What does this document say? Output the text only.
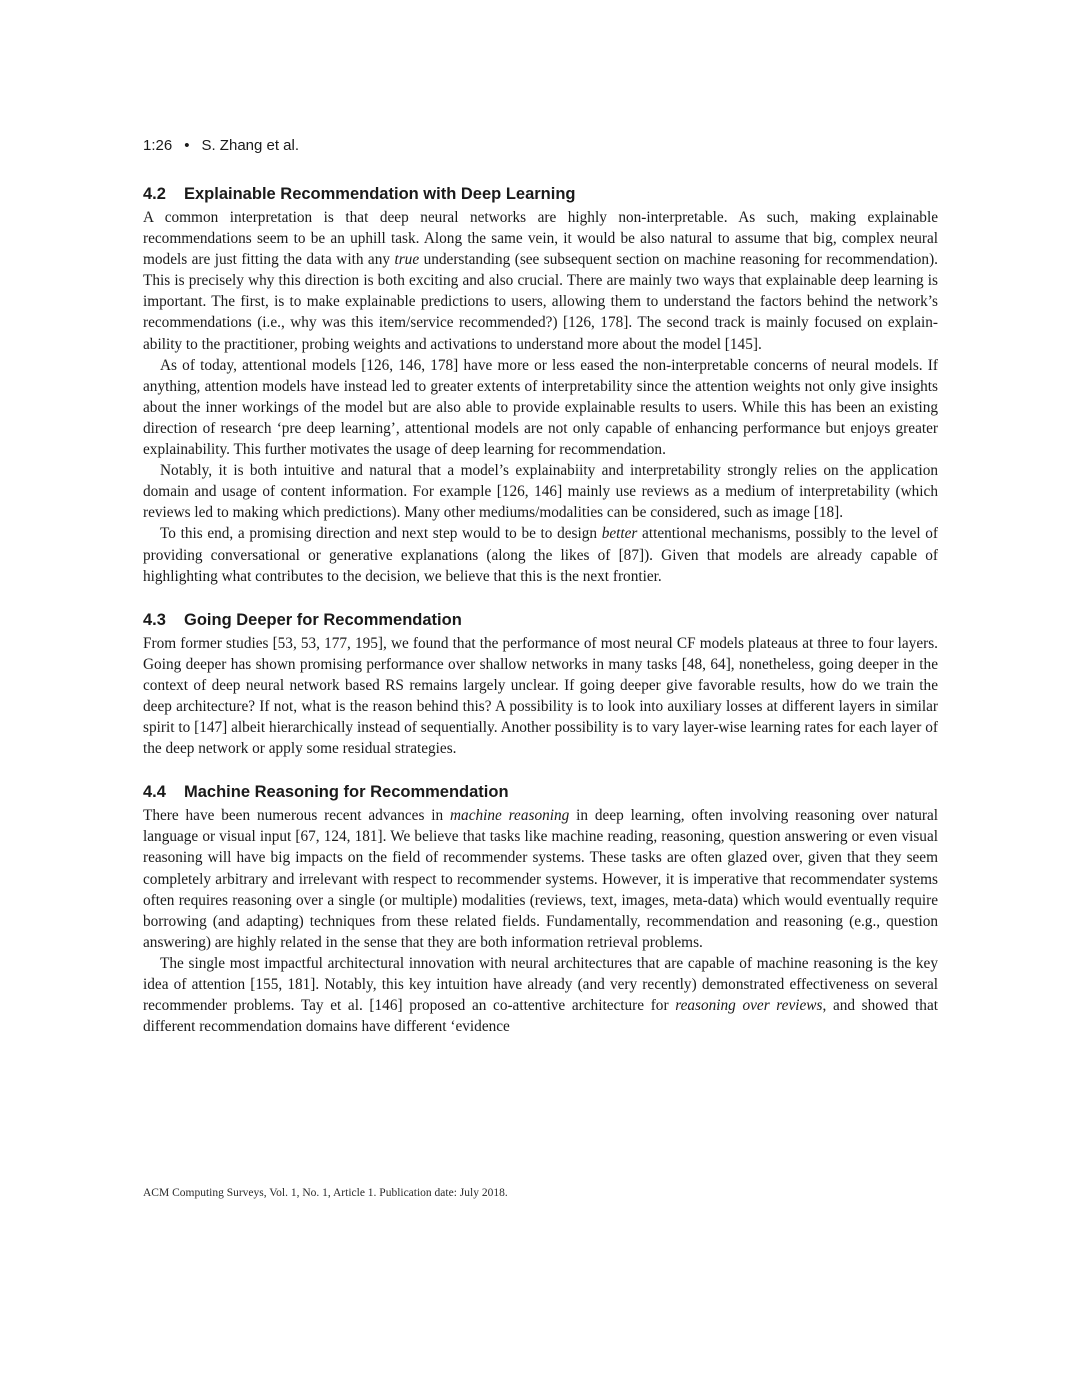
1:26 • S. Zhang et al.
4.2 Explainable Recommendation with Deep Learning

A common interpretation is that deep neural networks are highly non-interpretable. As such, making explainable recommendations seem to be an uphill task. Along the same vein, it would be also natural to assume that big, complex neural models are just fitting the data with any true understanding (see subsequent section on machine reasoning for recommendation). This is precisely why this direction is both exciting and also crucial. There are mainly two ways that explainable deep learning is important. The first, is to make explainable predictions to users, allowing them to understand the factors behind the network’s recommendations (i.e., why was this item/service recommended?) [126, 178]. The second track is mainly focused on explain-ability to the practitioner, probing weights and activations to understand more about the model [145].

As of today, attentional models [126, 146, 178] have more or less eased the non-interpretable concerns of neural models. If anything, attention models have instead led to greater extents of interpretability since the attention weights not only give insights about the inner workings of the model but are also able to provide explainable results to users. While this has been an existing direction of research ‘pre deep learning’, attentional models are not only capable of enhancing performance but enjoys greater explainability. This further motivates the usage of deep learning for recommendation.

Notably, it is both intuitive and natural that a model’s explainabiity and interpretability strongly relies on the application domain and usage of content information. For example [126, 146] mainly use reviews as a medium of interpretability (which reviews led to making which predictions). Many other mediums/modalities can be considered, such as image [18].

To this end, a promising direction and next step would to be to design better attentional mechanisms, possibly to the level of providing conversational or generative explanations (along the likes of [87]). Given that models are already capable of highlighting what contributes to the decision, we believe that this is the next frontier.

4.3 Going Deeper for Recommendation

From former studies [53, 53, 177, 195], we found that the performance of most neural CF models plateaus at three to four layers. Going deeper has shown promising performance over shallow networks in many tasks [48, 64], nonetheless, going deeper in the context of deep neural network based RS remains largely unclear. If going deeper give favorable results, how do we train the deep architecture? If not, what is the reason behind this? A possibility is to look into auxiliary losses at different layers in similar spirit to [147] albeit hierarchically instead of sequentially. Another possibility is to vary layer-wise learning rates for each layer of the deep network or apply some residual strategies.

4.4 Machine Reasoning for Recommendation

There have been numerous recent advances in machine reasoning in deep learning, often involving reasoning over natural language or visual input [67, 124, 181]. We believe that tasks like machine reading, reasoning, question answering or even visual reasoning will have big impacts on the field of recommender systems. These tasks are often glazed over, given that they seem completely arbitrary and irrelevant with respect to recommender systems. However, it is imperative that recommendater systems often requires reasoning over a single (or multiple) modalities (reviews, text, images, meta-data) which would eventually require borrowing (and adapting) techniques from these related fields. Fundamentally, recommendation and reasoning (e.g., question answering) are highly related in the sense that they are both information retrieval problems.

The single most impactful architectural innovation with neural architectures that are capable of machine reasoning is the key idea of attention [155, 181]. Notably, this key intuition have already (and very recently) demonstrated effectiveness on several recommender problems. Tay et al. [146] proposed an co-attentive architecture for reasoning over reviews, and showed that different recommendation domains have different ‘evidence

ACM Computing Surveys, Vol. 1, No. 1, Article 1. Publication date: July 2018.
